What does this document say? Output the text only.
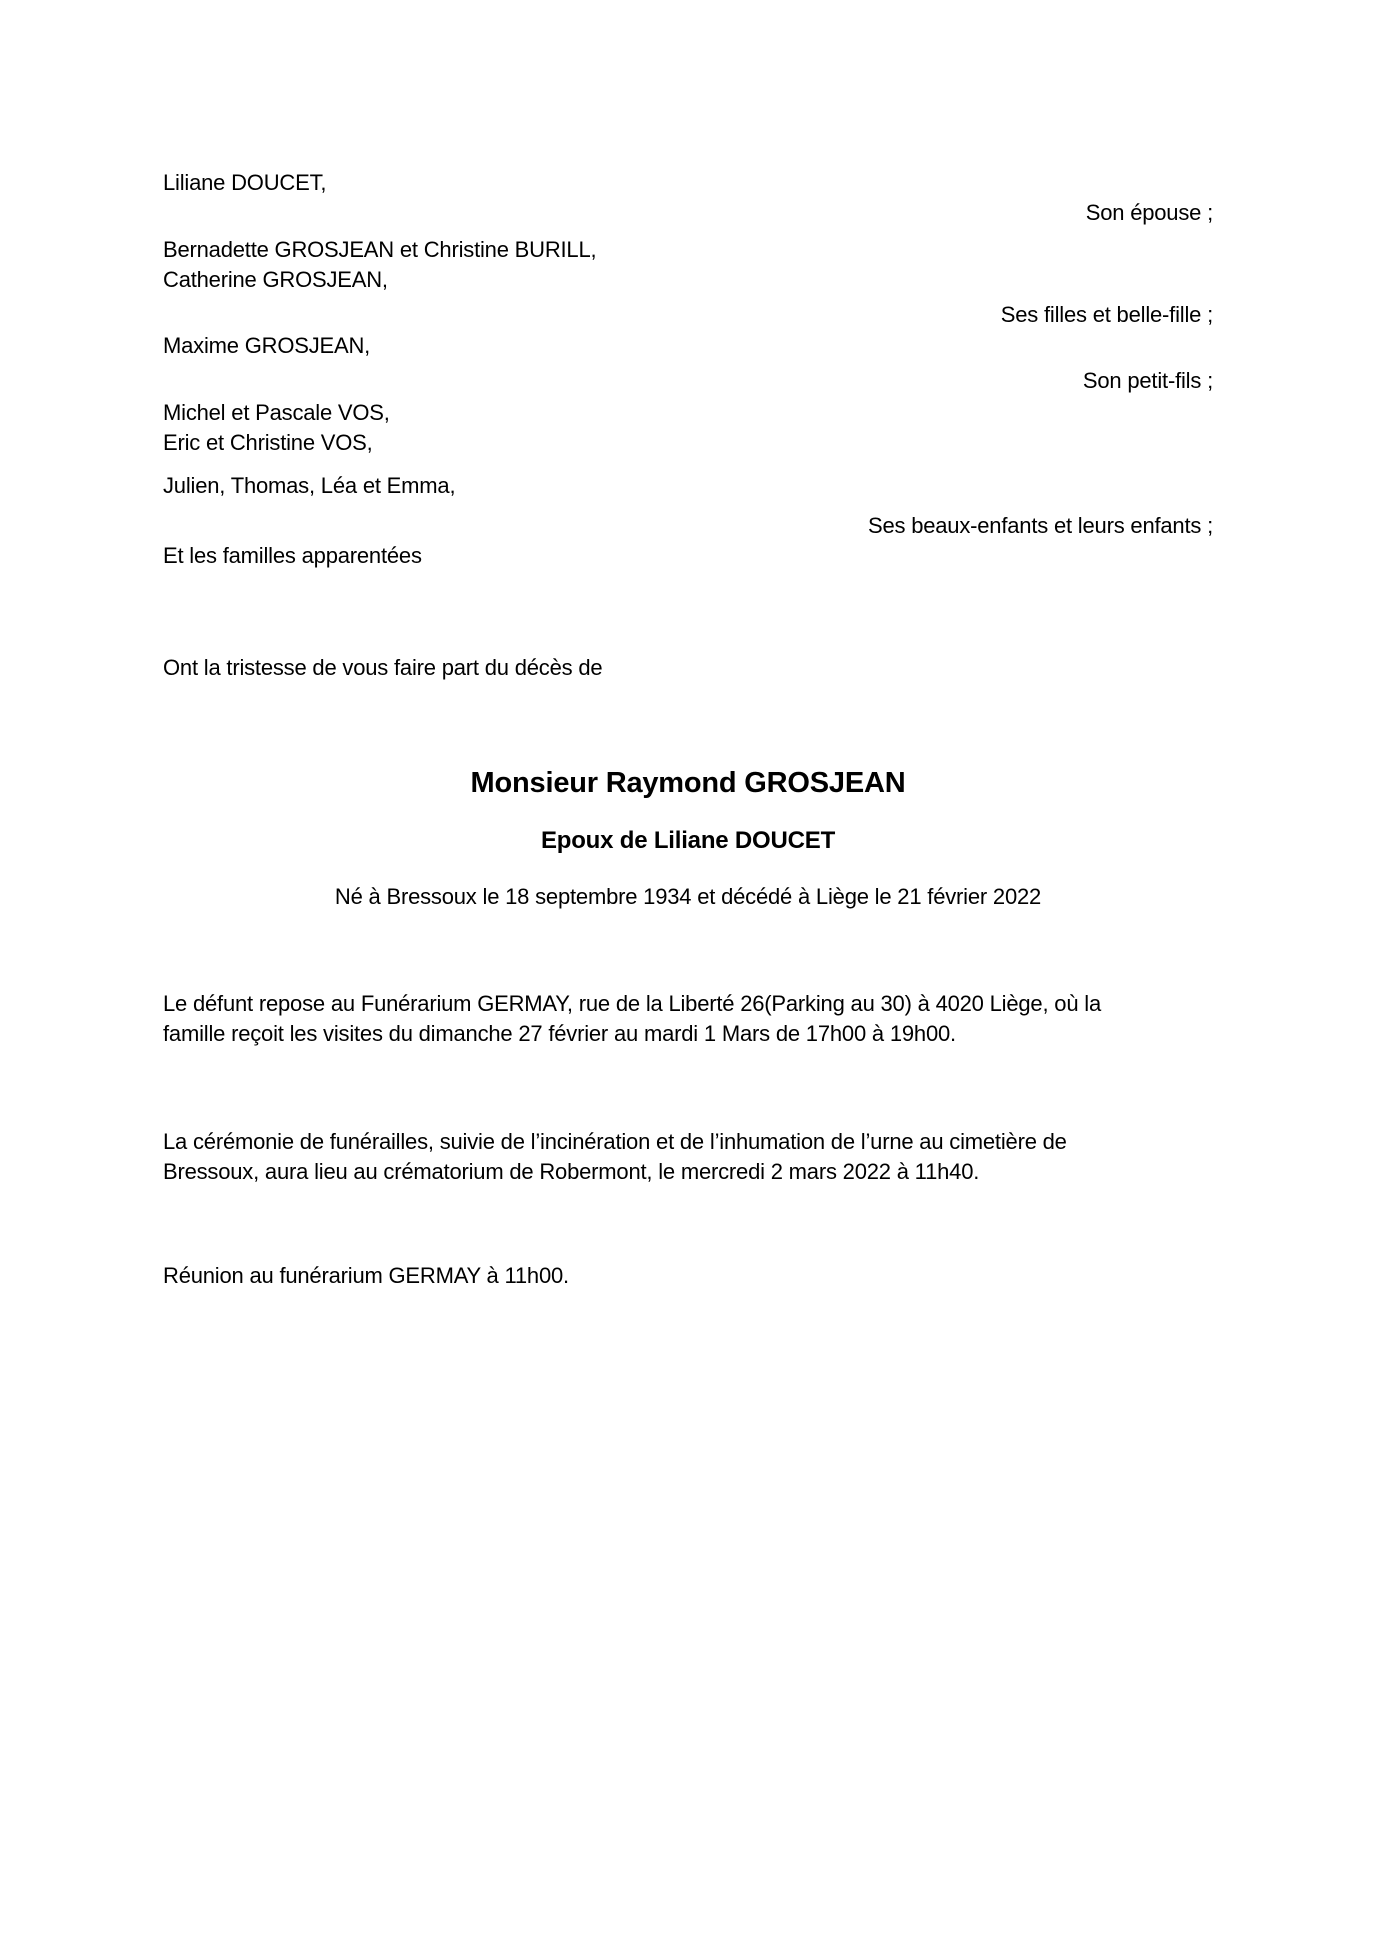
Liliane DOUCET,
Son épouse ;
Bernadette GROSJEAN et Christine BURILL,
Catherine GROSJEAN,
Ses filles et belle-fille ;
Maxime GROSJEAN,
Son petit-fils ;
Michel et Pascale VOS,
Eric et Christine VOS,
Julien, Thomas, Léa et Emma,
Ses beaux-enfants et leurs enfants ;
Et les familles apparentées
Ont la tristesse de vous faire part du décès de
Monsieur Raymond GROSJEAN
Epoux de Liliane DOUCET
Né à Bressoux le 18 septembre 1934 et décédé à Liège le 21 février 2022

Le défunt repose au Funérarium GERMAY, rue de la Liberté 26(Parking au 30) à 4020 Liège, où la
famille reçoit les visites du dimanche 27 février au mardi 1 Mars de 17h00 à 19h00.

La cérémonie de funérailles, suivie de l’incinération et de l’inhumation de l’urne au cimetière de
Bressoux, aura lieu au crématorium de Robermont, le mercredi 2 mars 2022 à 11h40.

Réunion au funérarium GERMAY à 11h00.
